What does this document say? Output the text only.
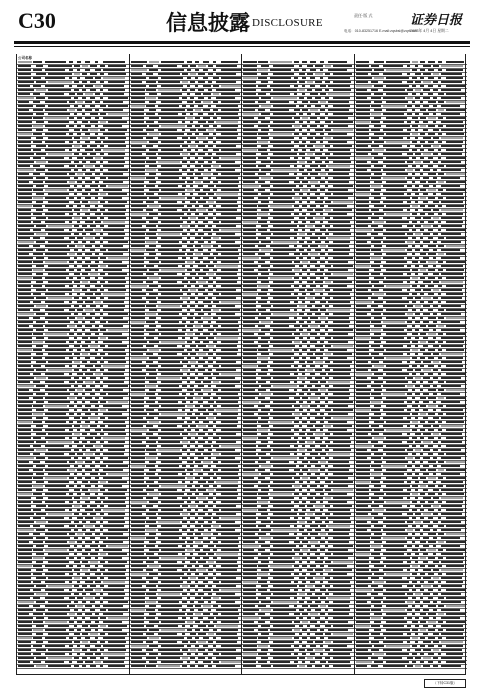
C30	信息披露 DISCLOSURE
责任·版 式
电话：010-83251716 E-mail:zqsbsl@zqrb.net
证券日报
2023年 4月 4日 星期二
公司名称
（下转C31版）
